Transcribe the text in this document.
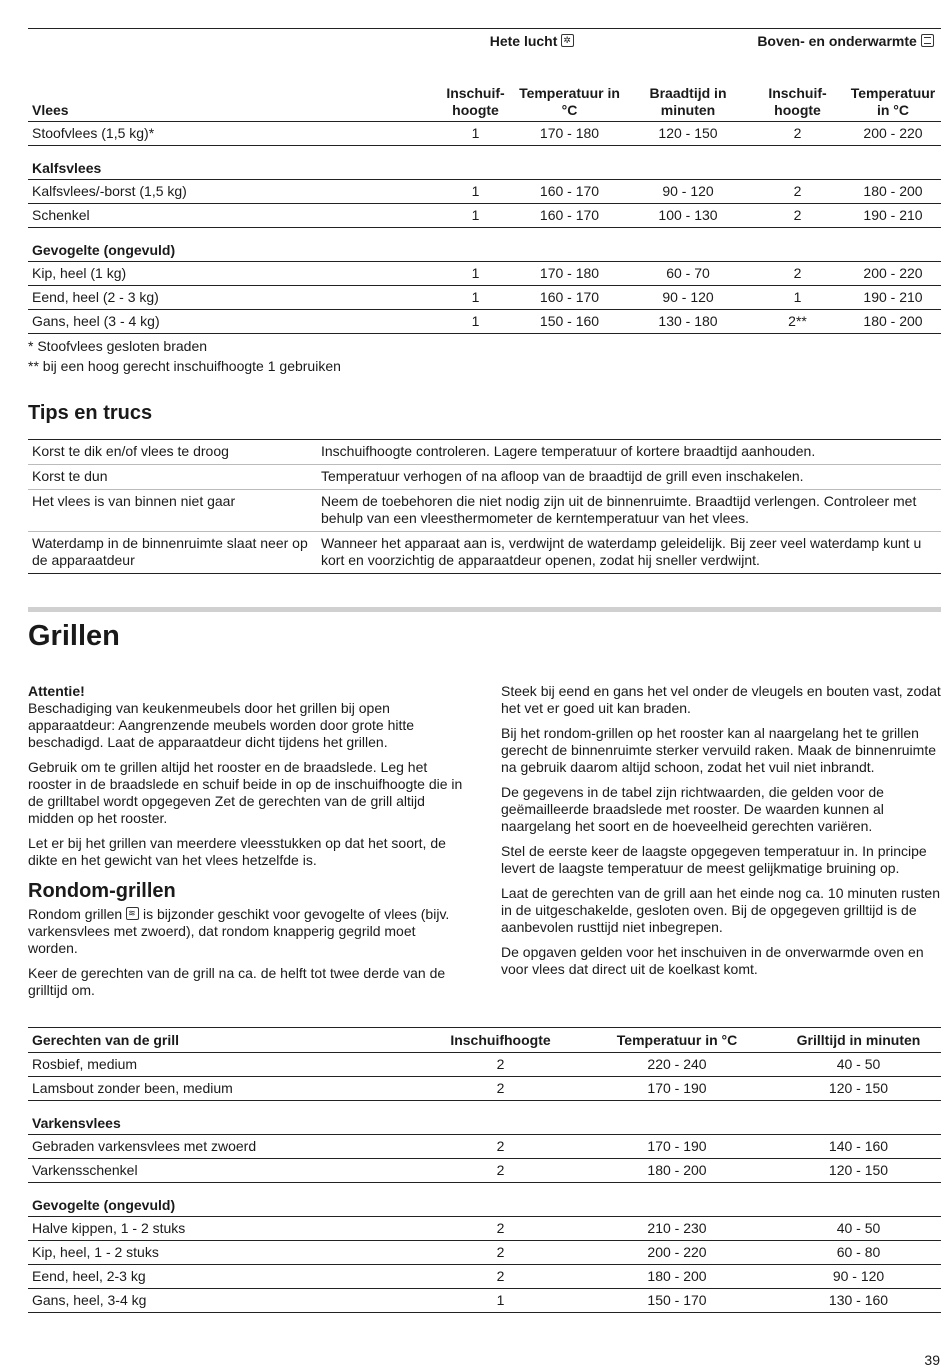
	Hete lucht ✲			Boven- en onderwarmte	
Vlees	Inschuif- hoogte	Temperatuur in °C	Braadtijd in minuten	Inschuif- hoogte	Temperatuur in °C
Stoofvlees (1,5 kg)*	1	170 - 180	120 - 150	2	200 - 220
Kalfsvlees					
Kalfsvlees/-borst (1,5 kg)	1	160 - 170	90 - 120	2	180 - 200
Schenkel	1	160 - 170	100 - 130	2	190 - 210
Gevogelte (ongevuld)					
Kip, heel (1 kg)	1	170 - 180	60 - 70	2	200 - 220
Eend, heel (2 - 3 kg)	1	160 - 170	90 - 120	1	190 - 210
Gans, heel (3 - 4 kg)	1	150 - 160	130 - 180	2**	180 - 200
* Stoofvlees gesloten braden
** bij een hoog gerecht inschuifhoogte 1 gebruiken
Tips en trucs
Korst te dik en/of vlees te droog	Inschuifhoogte controleren. Lagere temperatuur of kortere braadtijd aanhouden.
Korst te dun	Temperatuur verhogen of na afloop van de braadtijd de grill even inschakelen.
Het vlees is van binnen niet gaar	Neem de toebehoren die niet nodig zijn uit de binnenruimte. Braadtijd verlengen. Controleer met behulp van een vleesthermometer de kerntemperatuur van het vlees.
Waterdamp in de binnenruimte slaat neer op de apparaatdeur	Wanneer het apparaat aan is, verdwijnt de waterdamp geleidelijk. Bij zeer veel waterdamp kunt u kort en voorzichtig de apparaatdeur openen, zodat hij sneller verdwijnt.
Grillen

Attentie!

Beschadiging van keukenmeubels door het grillen bij open apparaatdeur: Aangrenzende meubels worden door grote hitte beschadigd. Laat de apparaatdeur dicht tijdens het grillen.

Gebruik om te grillen altijd het rooster en de braadslede. Leg het rooster in de braadslede en schuif beide in op de inschuifhoogte die in de grilltabel wordt opgegeven Zet de gerechten van de grill altijd midden op het rooster.

Let er bij het grillen van meerdere vleesstukken op dat het soort, de dikte en het gewicht van het vlees hetzelfde is.

Rondom-grillen

Rondom grillen ≋ is bijzonder geschikt voor gevogelte of vlees (bijv. varkensvlees met zwoerd), dat rondom knapperig gegrild moet worden.

Keer de gerechten van de grill na ca. de helft tot twee derde van de grilltijd om.

Steek bij eend en gans het vel onder de vleugels en bouten vast, zodat het vet er goed uit kan braden.

Bij het rondom-grillen op het rooster kan al naargelang het te grillen gerecht de binnenruimte sterker vervuild raken. Maak de binnenruimte na gebruik daarom altijd schoon, zodat het vuil niet inbrandt.

De gegevens in de tabel zijn richtwaarden, die gelden voor de geëmailleerde braadslede met rooster. De waarden kunnen al naargelang het soort en de hoeveelheid gerechten variëren.

Stel de eerste keer de laagste opgegeven temperatuur in. In principe levert de laagste temperatuur de meest gelijkmatige bruining op.

Laat de gerechten van de grill aan het einde nog ca. 10 minuten rusten in de uitgeschakelde, gesloten oven. Bij de opgegeven grilltijd is de aanbevolen rusttijd niet inbegrepen.

De opgaven gelden voor het inschuiven in de onverwarmde oven en voor vlees dat direct uit de koelkast komt.

Gerechten van de grill	Inschuifhoogte	Temperatuur in °C	Grilltijd in minuten
Rosbief, medium	2	220 - 240	40 - 50
Lamsbout zonder been, medium	2	170 - 190	120 - 150
Varkensvlees			
Gebraden varkensvlees met zwoerd	2	170 - 190	140 - 160
Varkensschenkel	2	180 - 200	120 - 150
Gevogelte (ongevuld)			
Halve kippen, 1 - 2 stuks	2	210 - 230	40 - 50
Kip, heel, 1 - 2 stuks	2	200 - 220	60 - 80
Eend, heel, 2-3 kg	2	180 - 200	90 - 120
Gans, heel, 3-4 kg	1	150 - 170	130 - 160
39
